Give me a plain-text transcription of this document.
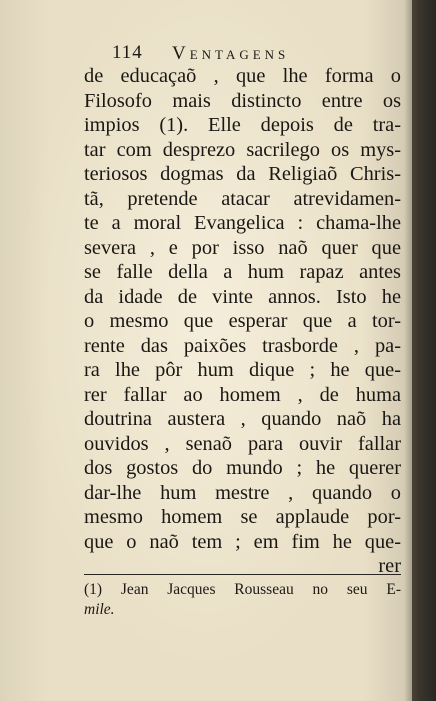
114 Ventagens
de educaçaõ , que lhe forma o
Filosofo mais distincto entre os
impios (1). Elle depois de tra-
tar com desprezo sacrilego os mys-
teriosos dogmas da Religiaõ Chris-
tã, pretende atacar atrevidamen-
te a moral Evangelica : chama-lhe
severa , e por isso naõ quer que
se falle della a hum rapaz antes
da idade de vinte annos. Isto he
o mesmo que esperar que a tor-
rente das paixões trasborde , pa-
ra lhe pôr hum dique ; he que-
rer fallar ao homem , de huma
doutrina austera , quando naõ ha
ouvidos , senaõ para ouvir fallar
dos gostos do mundo ; he querer
dar-lhe hum mestre , quando o
mesmo homem se applaude por-
que o naõ tem ; em fim he que-
rer
(1) Jean Jacques Rousseau no seu E-
mile.
